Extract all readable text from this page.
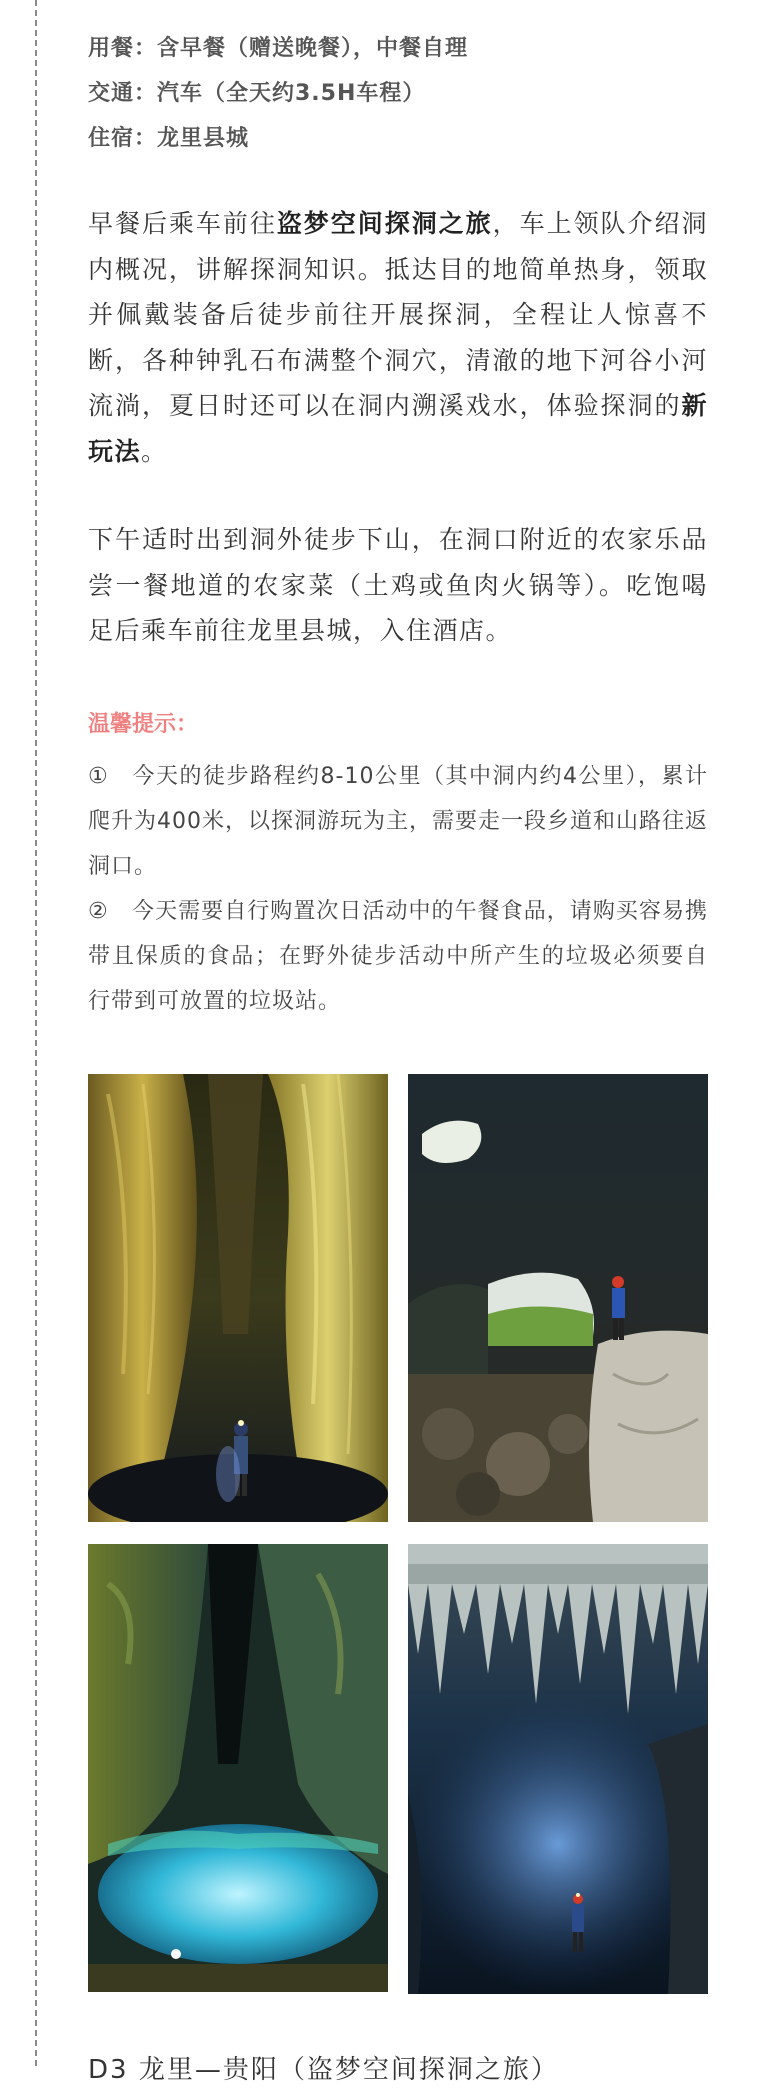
用餐：含早餐（赠送晚餐），中餐自理
交通：汽车（全天约3.5H车程）
住宿：龙里县城
早餐后乘车前往盗梦空间探洞之旅，车上领队介绍洞内概况，讲解探洞知识。抵达目的地简单热身，领取并佩戴装备后徒步前往开展探洞，全程让人惊喜不断，各种钟乳石布满整个洞穴，清澈的地下河谷小河流淌，夏日时还可以在洞内溯溪戏水，体验探洞的新玩法。
下午适时出到洞外徒步下山，在洞口附近的农家乐品尝一餐地道的农家菜（土鸡或鱼肉火锅等）。吃饱喝足后乘车前往龙里县城，入住酒店。
温馨提示：
① 今天的徒步路程约8-10公里（其中洞内约4公里），累计爬升为400米，以探洞游玩为主，需要走一段乡道和山路往返洞口。
② 今天需要自行购置次日活动中的午餐食品，请购买容易携带且保质的食品；在野外徒步活动中所产生的垃圾必须要自行带到可放置的垃圾站。
D3 龙里—贵阳（盗梦空间探洞之旅）
